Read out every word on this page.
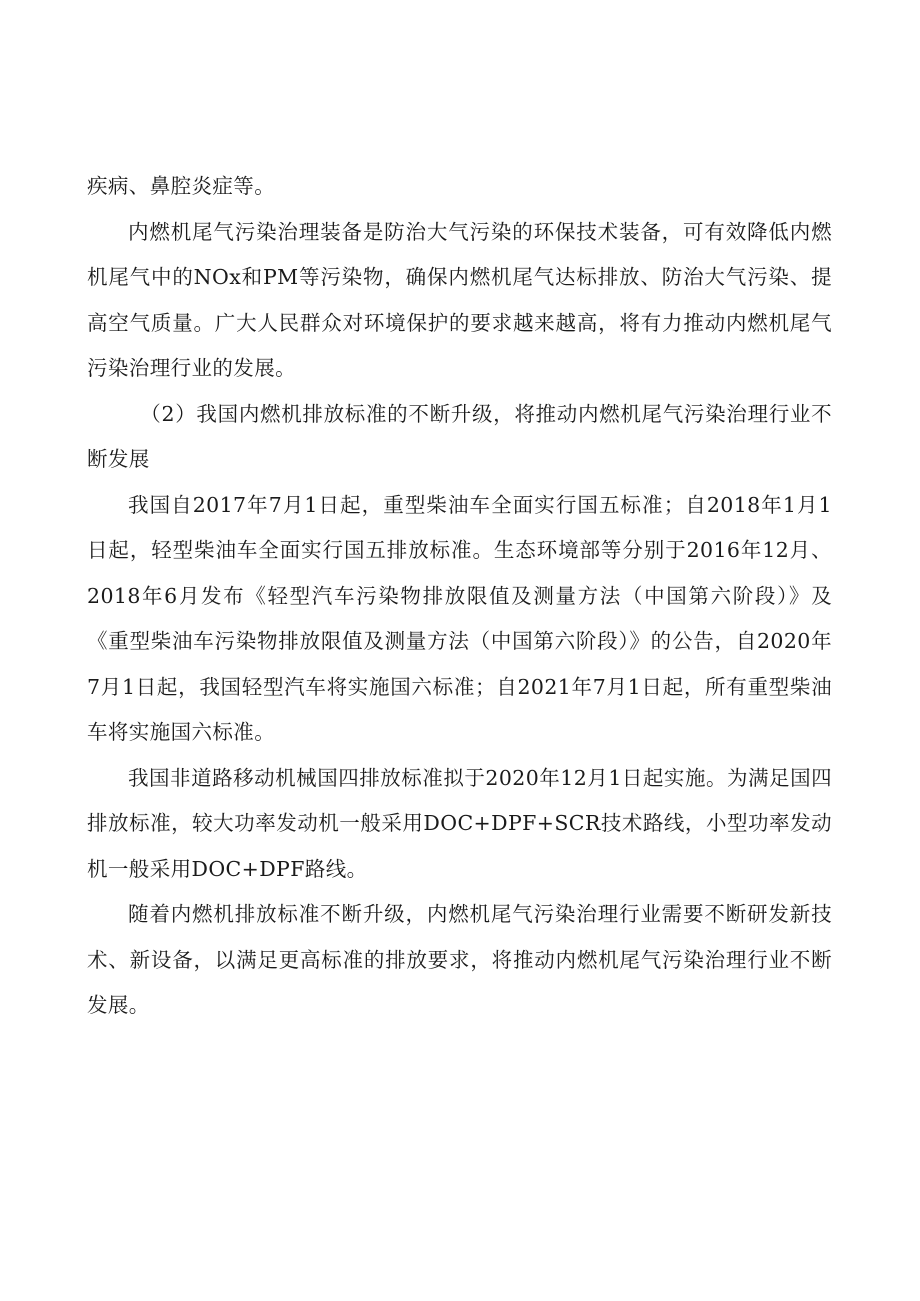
疾病、鼻腔炎症等。

内燃机尾气污染治理装备是防治大气污染的环保技术装备，可有效降低内燃机尾气中的NOx和PM等污染物，确保内燃机尾气达标排放、防治大气污染、提高空气质量。广大人民群众对环境保护的要求越来越高，将有力推动内燃机尾气污染治理行业的发展。

（2）我国内燃机排放标准的不断升级，将推动内燃机尾气污染治理行业不断发展

我国自2017年7月1日起，重型柴油车全面实行国五标准；自2018年1月1日起，轻型柴油车全面实行国五排放标准。生态环境部等分别于2016年12月、2018年6月发布《轻型汽车污染物排放限值及测量方法（中国第六阶段）》及《重型柴油车污染物排放限值及测量方法（中国第六阶段）》的公告，自2020年7月1日起，我国轻型汽车将实施国六标准；自2021年7月1日起，所有重型柴油车将实施国六标准。

我国非道路移动机械国四排放标准拟于2020年12月1日起实施。为满足国四排放标准，较大功率发动机一般采用DOC+DPF+SCR技术路线，小型功率发动机一般采用DOC+DPF路线。

随着内燃机排放标准不断升级，内燃机尾气污染治理行业需要不断研发新技术、新设备，以满足更高标准的排放要求，将推动内燃机尾气污染治理行业不断发展。
